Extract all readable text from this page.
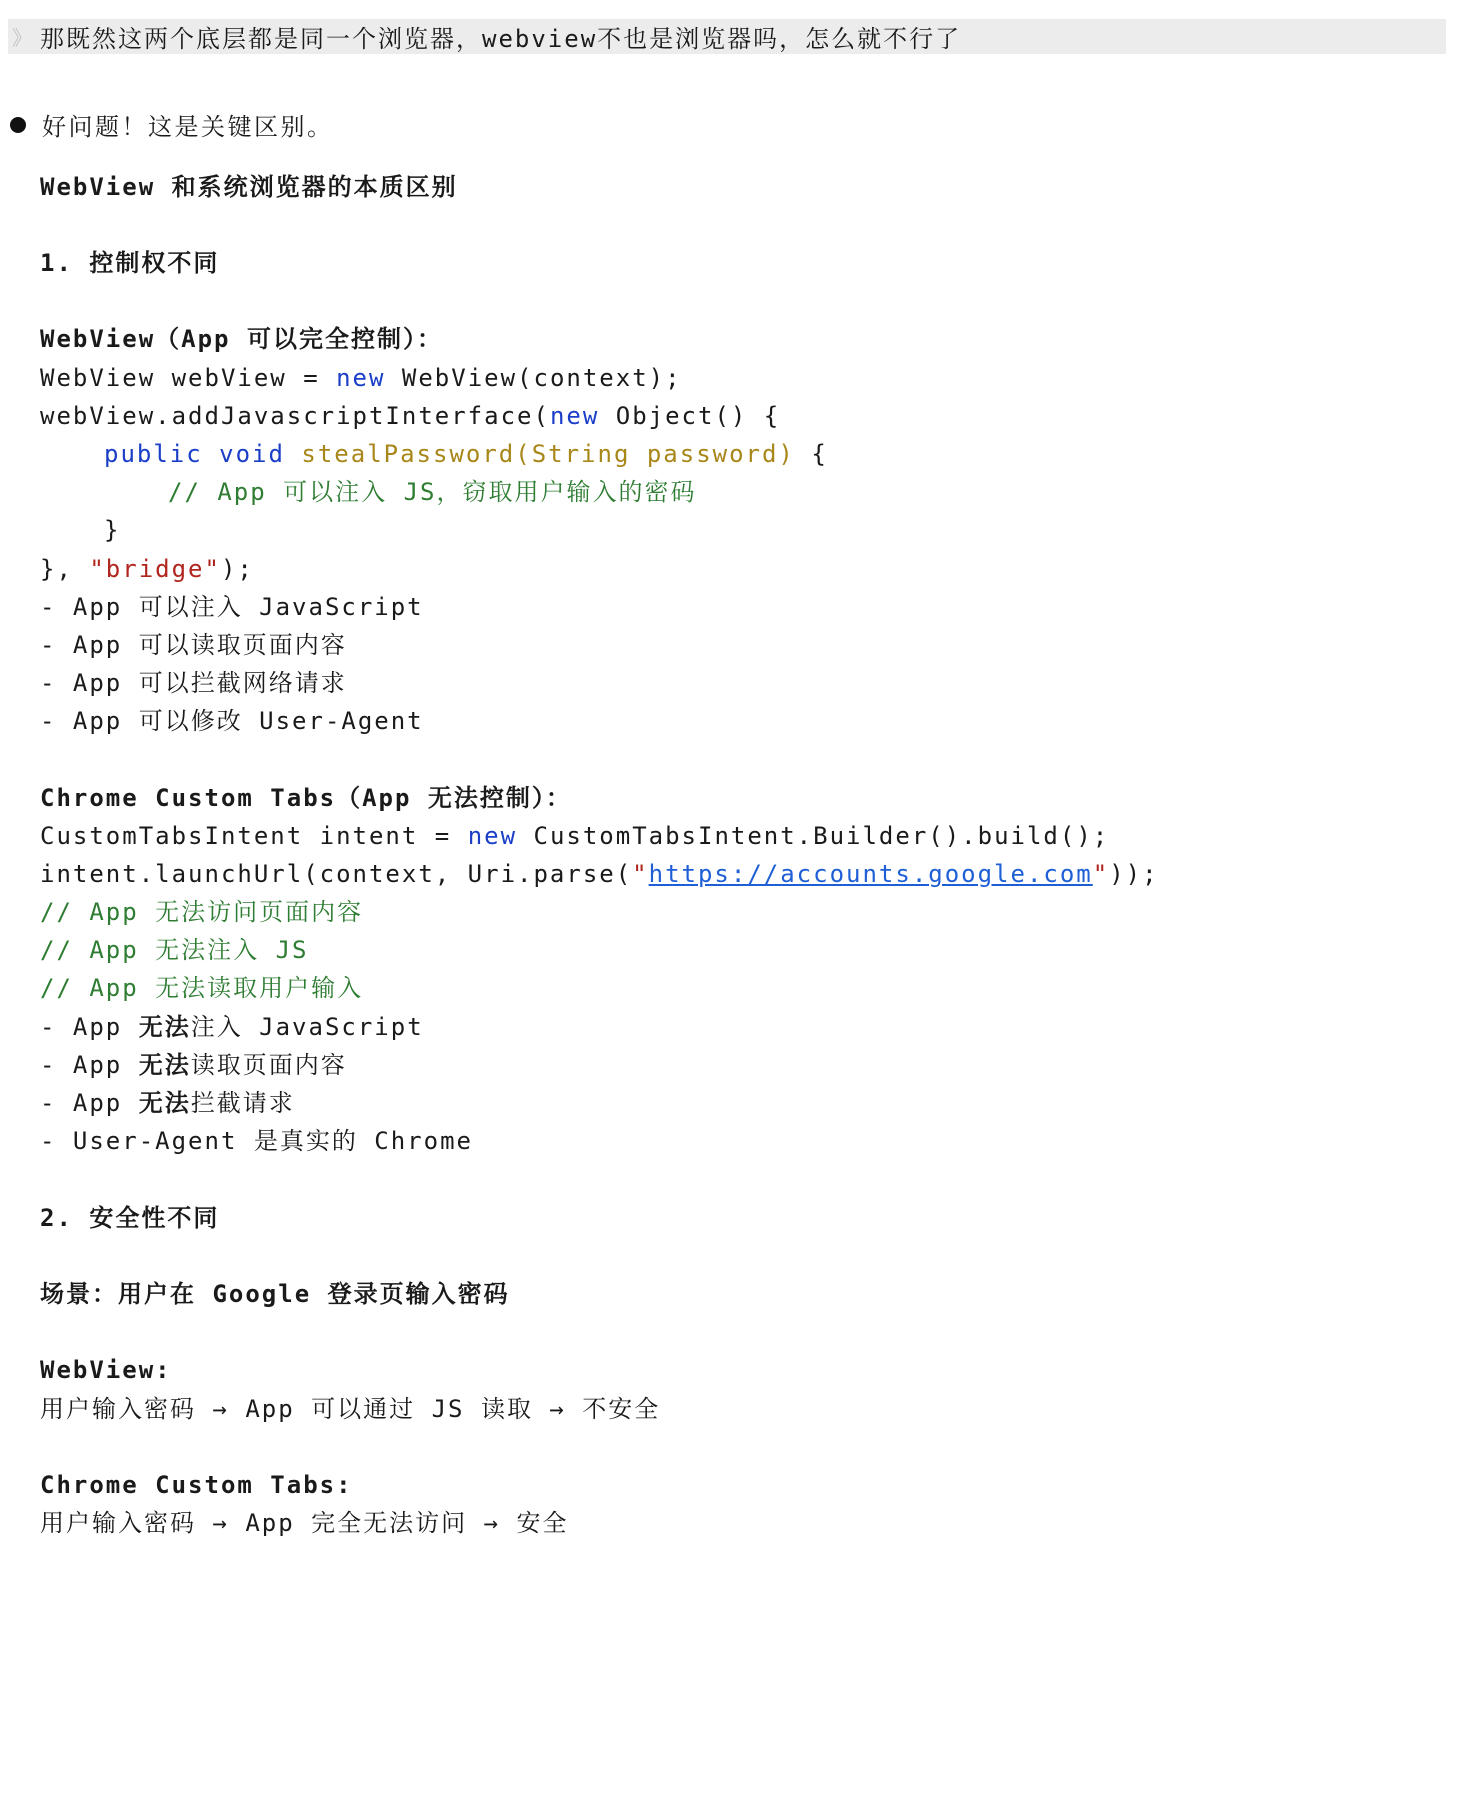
》 那既然这两个底层都是同一个浏览器，webview不也是浏览器吗，怎么就不行了
好问题！这是关键区别。
WebView 和系统浏览器的本质区别
1. 控制权不同
WebView（App 可以完全控制）：
WebView webView = new WebView(context);
webView.addJavascriptInterface(new Object() {
public void stealPassword(String password) {
// App 可以注入 JS，窃取用户输入的密码
}
}, "bridge");
- App 可以注入 JavaScript
- App 可以读取页面内容
- App 可以拦截网络请求
- App 可以修改 User-Agent
Chrome Custom Tabs（App 无法控制）：
CustomTabsIntent intent = new CustomTabsIntent.Builder().build();
intent.launchUrl(context, Uri.parse("https://accounts.google.com"));
// App 无法访问页面内容
// App 无法注入 JS
// App 无法读取用户输入
- App 无法注入 JavaScript
- App 无法读取页面内容
- App 无法拦截请求
- User-Agent 是真实的 Chrome
2. 安全性不同
场景：用户在 Google 登录页输入密码
WebView:
用户输入密码 → App 可以通过 JS 读取 → 不安全
Chrome Custom Tabs:
用户输入密码 → App 完全无法访问 → 安全
